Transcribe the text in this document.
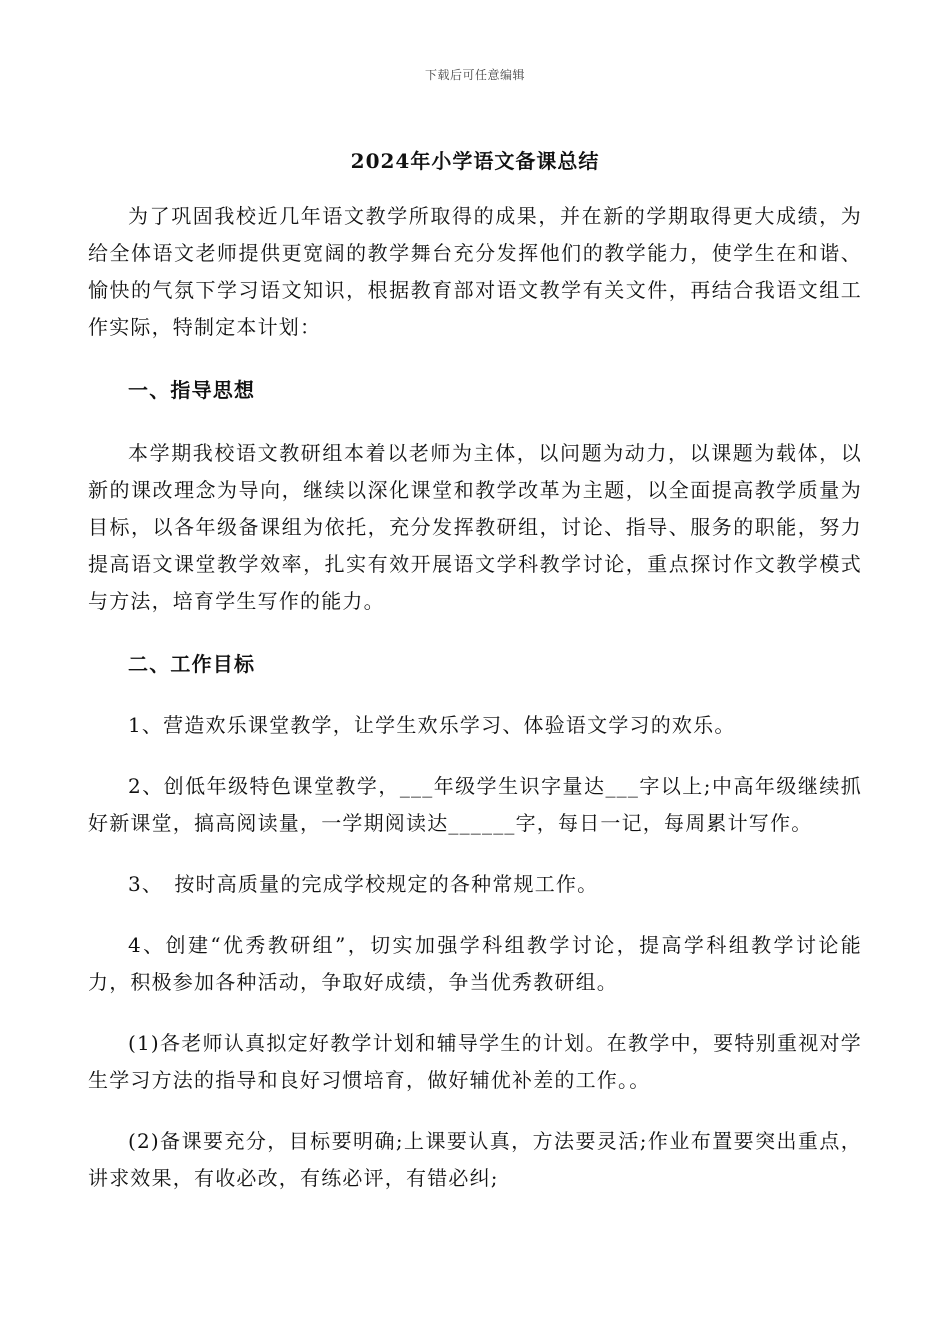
下载后可任意编辑
2024年小学语文备课总结

为了巩固我校近几年语文教学所取得的成果，并在新的学期取得更大成绩，为给全体语文老师提供更宽阔的教学舞台充分发挥他们的教学能力，使学生在和谐、愉快的气氛下学习语文知识，根据教育部对语文教学有关文件，再结合我语文组工作实际，特制定本计划：

一、指导思想

本学期我校语文教研组本着以老师为主体，以问题为动力，以课题为载体，以新的课改理念为导向，继续以深化课堂和教学改革为主题，以全面提高教学质量为目标，以各年级备课组为依托，充分发挥教研组，讨论、指导、服务的职能，努力提高语文课堂教学效率，扎实有效开展语文学科教学讨论，重点探讨作文教学模式与方法，培育学生写作的能力。

二、工作目标

1、营造欢乐课堂教学，让学生欢乐学习、体验语文学习的欢乐。

2、创低年级特色课堂教学，___年级学生识字量达___字以上;中高年级继续抓好新课堂，搞高阅读量，一学期阅读达______字，每日一记，每周累计写作。

3、　按时高质量的完成学校规定的各种常规工作。

4、创建“优秀教研组”，切实加强学科组教学讨论，提高学科组教学讨论能力，积极参加各种活动，争取好成绩，争当优秀教研组。

(1)各老师认真拟定好教学计划和辅导学生的计划。在教学中，要特别重视对学生学习方法的指导和良好习惯培育，做好辅优补差的工作。。

(2)备课要充分，目标要明确;上课要认真，方法要灵活;作业布置要突出重点，讲求效果，有收必改，有练必评，有错必纠;
